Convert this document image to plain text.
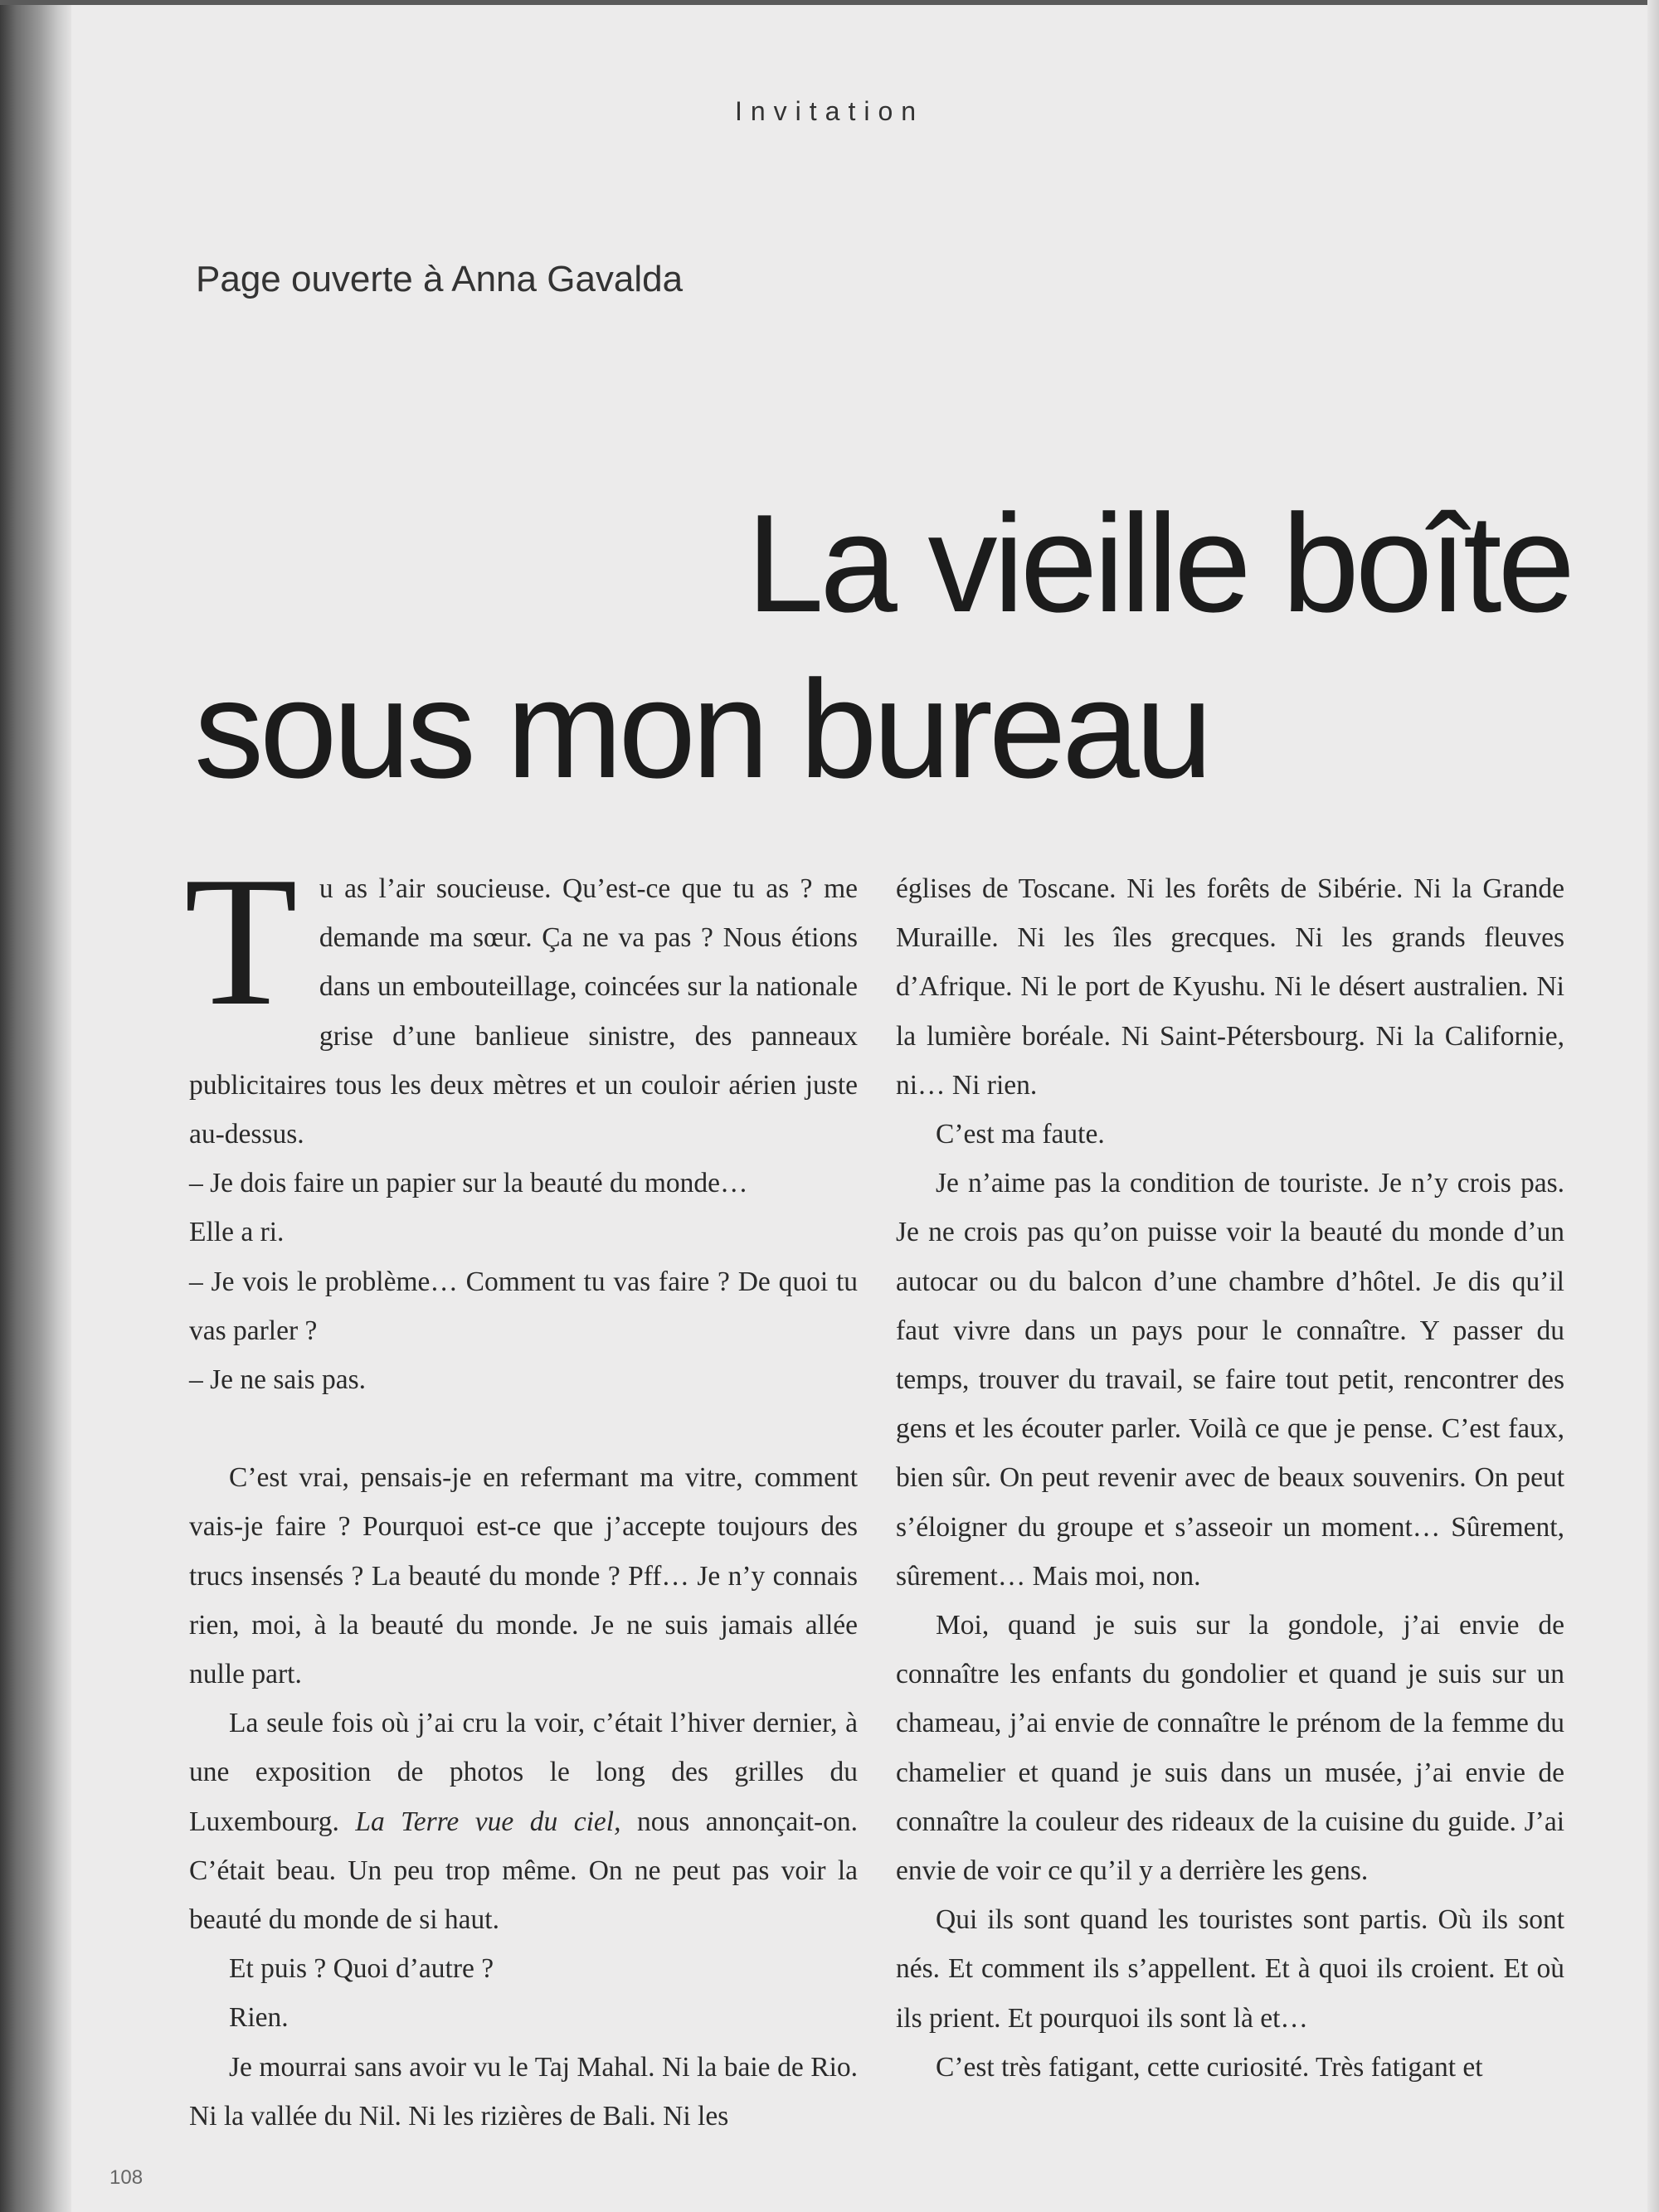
Invitation
Page ouverte à Anna Gavalda
La vieille boîte
sous mon bureau

Tu as l’air soucieuse. Qu’est-ce que tu as ? me demande ma sœur. Ça ne va pas ? Nous étions dans un embouteillage, coincées sur la nationale grise d’une banlieue sinistre, des panneaux publicitaires tous les deux mètres et un couloir aérien juste au-dessus.

– Je dois faire un papier sur la beauté du monde…

Elle a ri.

– Je vois le problème… Comment tu vas faire ? De quoi tu vas parler ?

– Je ne sais pas.

C’est vrai, pensais-je en refermant ma vitre, comment vais-je faire ? Pourquoi est-ce que j’accepte toujours des trucs insensés ? La beauté du monde ? Pff… Je n’y connais rien, moi, à la beauté du monde. Je ne suis jamais allée nulle part.

La seule fois où j’ai cru la voir, c’était l’hiver dernier, à une exposition de photos le long des grilles du Luxembourg. La Terre vue du ciel, nous annonçait-on. C’était beau. Un peu trop même. On ne peut pas voir la beauté du monde de si haut.

Et puis ? Quoi d’autre ?

Rien.

Je mourrai sans avoir vu le Taj Mahal. Ni la baie de Rio. Ni la vallée du Nil. Ni les rizières de Bali. Ni les

églises de Toscane. Ni les forêts de Sibérie. Ni la Grande Muraille. Ni les îles grecques. Ni les grands fleuves d’Afrique. Ni le port de Kyushu. Ni le désert australien. Ni la lumière boréale. Ni Saint-Pétersbourg. Ni la Californie, ni… Ni rien.

C’est ma faute.

Je n’aime pas la condition de touriste. Je n’y crois pas. Je ne crois pas qu’on puisse voir la beauté du monde d’un autocar ou du balcon d’une chambre d’hôtel. Je dis qu’il faut vivre dans un pays pour le connaître. Y passer du temps, trouver du travail, se faire tout petit, rencontrer des gens et les écouter parler. Voilà ce que je pense. C’est faux, bien sûr. On peut revenir avec de beaux souvenirs. On peut s’éloigner du groupe et s’asseoir un moment… Sûrement, sûrement… Mais moi, non.

Moi, quand je suis sur la gondole, j’ai envie de connaître les enfants du gondolier et quand je suis sur un chameau, j’ai envie de connaître le prénom de la femme du chamelier et quand je suis dans un musée, j’ai envie de connaître la couleur des rideaux de la cuisine du guide. J’ai envie de voir ce qu’il y a derrière les gens.

Qui ils sont quand les touristes sont partis. Où ils sont nés. Et comment ils s’appellent. Et à quoi ils croient. Et où ils prient. Et pourquoi ils sont là et…

C’est très fatigant, cette curiosité. Très fatigant et

108
